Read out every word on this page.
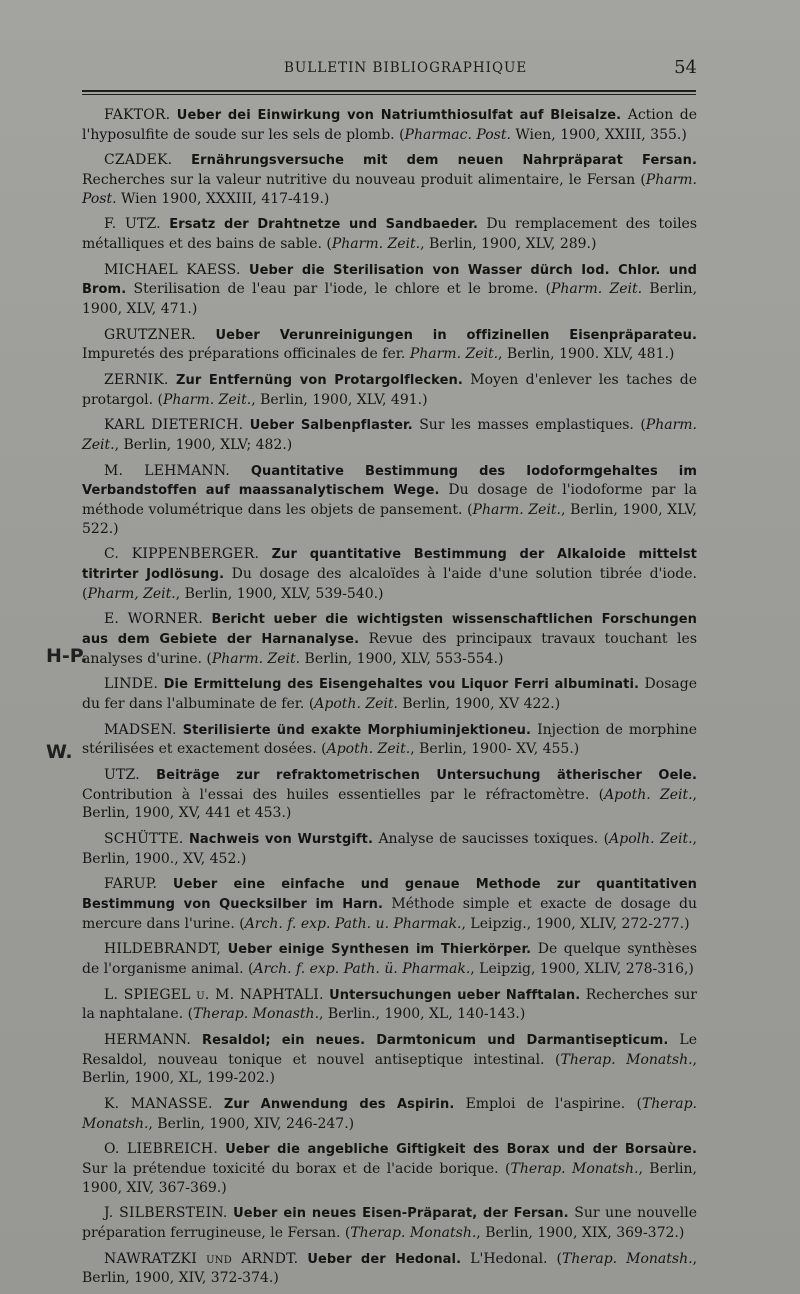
BULLETIN BIBLIOGRAPHIQUE	54
H-P.
W.

FAKTOR. Ueber dei Einwirkung von Natriumthiosulfat auf Bleisalze. Action de l'hyposulfite de soude sur les sels de plomb. (Pharmac. Post. Wien, 1900, XXIII, 355.)

CZADEK. Ernährungsversuche mit dem neuen Nahrpräparat Fersan. Recherches sur la valeur nutritive du nouveau produit alimentaire, le Fersan (Pharm. Post. Wien 1900, XXXIII, 417-419.)

F. UTZ. Ersatz der Drahtnetze und Sandbaeder. Du remplacement des toiles métalliques et des bains de sable. (Pharm. Zeit., Berlin, 1900, XLV, 289.)

MICHAEL KAESS. Ueber die Sterilisation von Wasser dürch Iod. Chlor. und Brom. Sterilisation de l'eau par l'iode, le chlore et le brome. (Pharm. Zeit. Berlin, 1900, XLV, 471.)

GRUTZNER. Ueber Verunreinigungen in offizinellen Eisenpräparateu. Impuretés des préparations officinales de fer. Pharm. Zeit., Berlin, 1900. XLV, 481.)

ZERNIK. Zur Entfernüng von Protargolflecken. Moyen d'enlever les taches de protargol. (Pharm. Zeit., Berlin, 1900, XLV, 491.)

KARL DIETERICH. Ueber Salbenpflaster. Sur les masses emplastiques. (Pharm. Zeit., Berlin, 1900, XLV; 482.)

M. LEHMANN. Quantitative Bestimmung des Iodoformgehaltes im Verbandstoffen auf maassanalytischem Wege. Du dosage de l'iodoforme par la méthode volumétrique dans les objets de pansement. (Pharm. Zeit., Berlin, 1900, XLV, 522.)

C. KIPPENBERGER. Zur quantitative Bestimmung der Alkaloide mittelst titrirter Jodlösung. Du dosage des alcaloïdes à l'aide d'une solution tibrée d'iode. (Pharm, Zeit., Berlin, 1900, XLV, 539-540.)

E. WORNER. Bericht ueber die wichtigsten wissenschaftlichen Forschungen aus dem Gebiete der Harnanalyse. Revue des principaux travaux touchant les analyses d'urine. (Pharm. Zeit. Berlin, 1900, XLV, 553-554.)

LINDE. Die Ermittelung des Eisengehaltes vou Liquor Ferri albuminati. Dosage du fer dans l'albuminate de fer. (Apoth. Zeit. Berlin, 1900, XV 422.)

MADSEN. Sterilisierte ünd exakte Morphiuminjektioneu. Injection de morphine stérilisées et exactement dosées. (Apoth. Zeit., Berlin, 1900- XV, 455.)

UTZ. Beiträge zur refraktometrischen Untersuchung ätherischer Oele. Contribution à l'essai des huiles essentielles par le réfractomètre. (Apoth. Zeit., Berlin, 1900, XV, 441 et 453.)

SCHÜTTE. Nachweis von Wurstgift. Analyse de saucisses toxiques. (Apolh. Zeit., Berlin, 1900., XV, 452.)

FARUP. Ueber eine einfache und genaue Methode zur quantitativen Bestimmung von Quecksilber im Harn. Méthode simple et exacte de dosage du mercure dans l'urine. (Arch. f. exp. Path. u. Pharmak., Leipzig., 1900, XLIV, 272-277.)

HILDEBRANDT, Ueber einige Synthesen im Thierkörper. De quelque synthèses de l'organisme animal. (Arch. f. exp. Path. ü. Pharmak., Leipzig, 1900, XLIV, 278-316,)

L. SPIEGEL u. M. NAPHTALI. Untersuchungen ueber Nafftalan. Recherches sur la naphtalane. (Therap. Monasth., Berlin., 1900, XL, 140-143.)

HERMANN. Resaldol; ein neues. Darmtonicum und Darmantisepticum. Le Resaldol, nouveau tonique et nouvel antiseptique intestinal. (Therap. Monatsh., Berlin, 1900, XL, 199-202.)

K. MANASSE. Zur Anwendung des Aspirin. Emploi de l'aspirine. (Therap. Monatsh., Berlin, 1900, XIV, 246-247.)

O. LIEBREICH. Ueber die angebliche Giftigkeit des Borax und der Borsaùre. Sur la prétendue toxicité du borax et de l'acide borique. (Therap. Monatsh., Berlin, 1900, XIV, 367-369.)

J. SILBERSTEIN. Ueber ein neues Eisen-Präparat, der Fersan. Sur une nouvelle préparation ferrugineuse, le Fersan. (Therap. Monatsh., Berlin, 1900, XIX, 369-372.)

NAWRATZKI und ARNDT. Ueber der Hedonal. L'Hedonal. (Therap. Monatsh., Berlin, 1900, XIV, 372-374.)
